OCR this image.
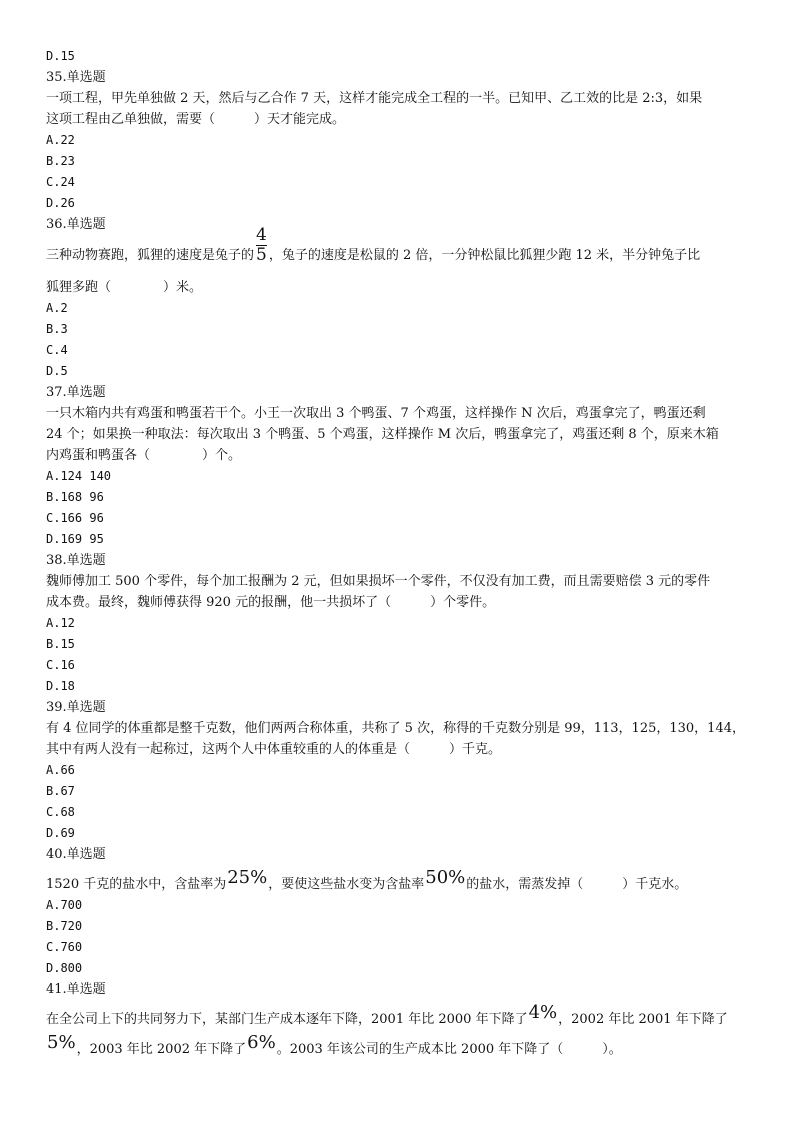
D.15
35.单选题
一项工程，甲先单独做 2 天，然后与乙合作 7 天，这样才能完成全工程的一半。已知甲、乙工效的比是 2:3，如果
这项工程由乙单独做，需要（　　　）天才能完成。
A.22
B.23
C.24
D.26
36.单选题
三种动物赛跑，狐狸的速度是兔子的 $\frac{4}{5}$ ，兔子的速度是松鼠的 2 倍，一分钟松鼠比狐狸少跑 12 米，半分钟兔子比
狐狸多跑（　　　　）米。
A.2
B.3
C.4
D.5
37.单选题
一只木箱内共有鸡蛋和鸭蛋若干个。小王一次取出 3 个鸭蛋、7 个鸡蛋，这样操作 N 次后，鸡蛋拿完了，鸭蛋还剩
24 个；如果换一种取法：每次取出 3 个鸭蛋、5 个鸡蛋，这样操作 M 次后，鸭蛋拿完了，鸡蛋还剩 8 个，原来木箱
内鸡蛋和鸭蛋各（　　　　）个。
A.124 140
B.168 96
C.166 96
D.169 95
38.单选题
魏师傅加工 500 个零件，每个加工报酬为 2 元，但如果损坏一个零件，不仅没有加工费，而且需要赔偿 3 元的零件
成本费。最终，魏师傅获得 920 元的报酬，他一共损坏了（　　　）个零件。
A.12
B.15
C.16
D.18
39.单选题
有 4 位同学的体重都是整千克数，他们两两合称体重，共称了 5 次，称得的千克数分别是 99，113，125，130，144，
其中有两人没有一起称过，这两个人中体重较重的人的体重是（　　　）千克。
A.66
B.67
C.68
D.69
40.单选题
1520 千克的盐水中，含盐率为25%，要使这些盐水变为含盐率50%的盐水，需蒸发掉（　　　）千克水。
A.700
B.720
C.760
D.800
41.单选题
在全公司上下的共同努力下，某部门生产成本逐年下降，2001 年比 2000 年下降了4%，2002 年比 2001 年下降了
5%，2003 年比 2002 年下降了6%。2003 年该公司的生产成本比 2000 年下降了（　　　）。
